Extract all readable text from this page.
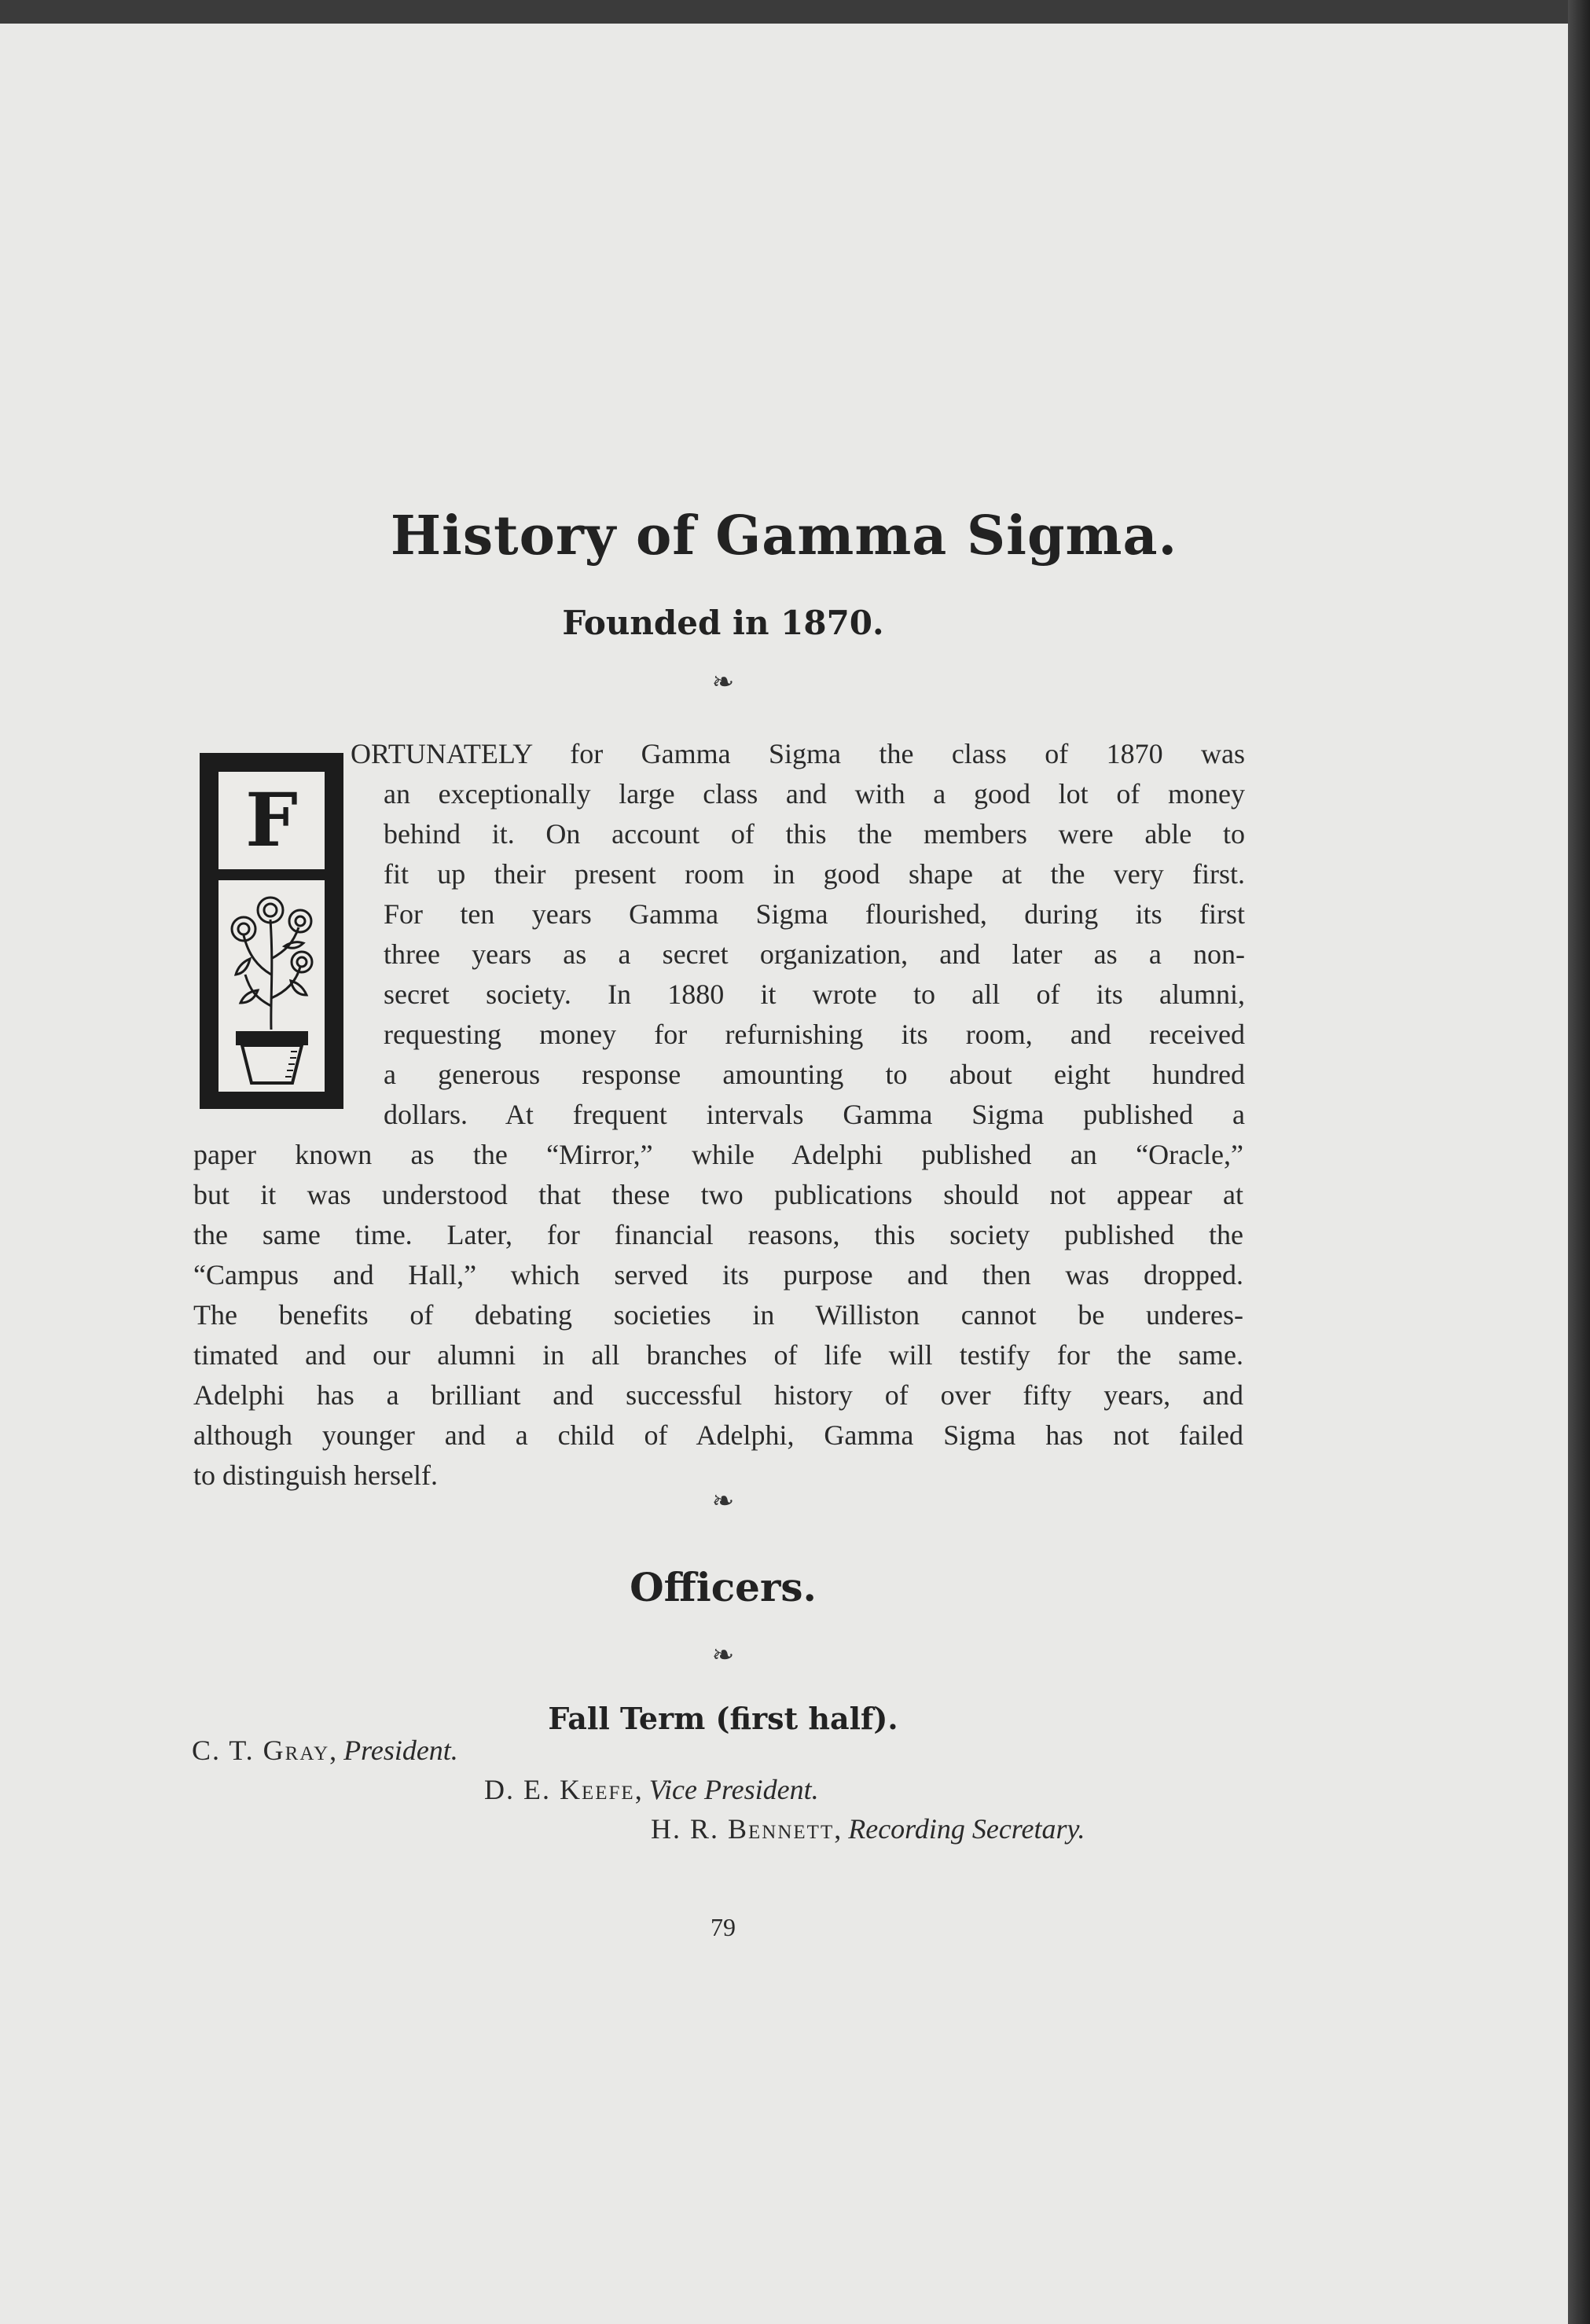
History of Gamma Sigma.
Founded in 1870.
❧
F
ORTUNATELY for Gamma Sigma the class of 1870 was
an exceptionally large class and with a good lot of money
behind it. On account of this the members were able to
fit up their present room in good shape at the very first.
For ten years Gamma Sigma flourished, during its first
three years as a secret organization, and later as a non-
secret society. In 1880 it wrote to all of its alumni,
requesting money for refurnishing its room, and received
a generous response amounting to about eight hundred
dollars. At frequent intervals Gamma Sigma published a
paper known as the “Mirror,” while Adelphi published an “Oracle,”
but it was understood that these two publications should not appear at
the same time. Later, for financial reasons, this society published the
“Campus and Hall,” which served its purpose and then was dropped.
The benefits of debating societies in Williston cannot be underes-
timated and our alumni in all branches of life will testify for the same.
Adelphi has a brilliant and successful history of over fifty years, and
although younger and a child of Adelphi, Gamma Sigma has not failed
to distinguish herself.
❧
Officers.
❧
Fall Term (first half).
C. T. Gray, President.
D. E. Keefe, Vice President.
H. R. Bennett, Recording Secretary.
79
